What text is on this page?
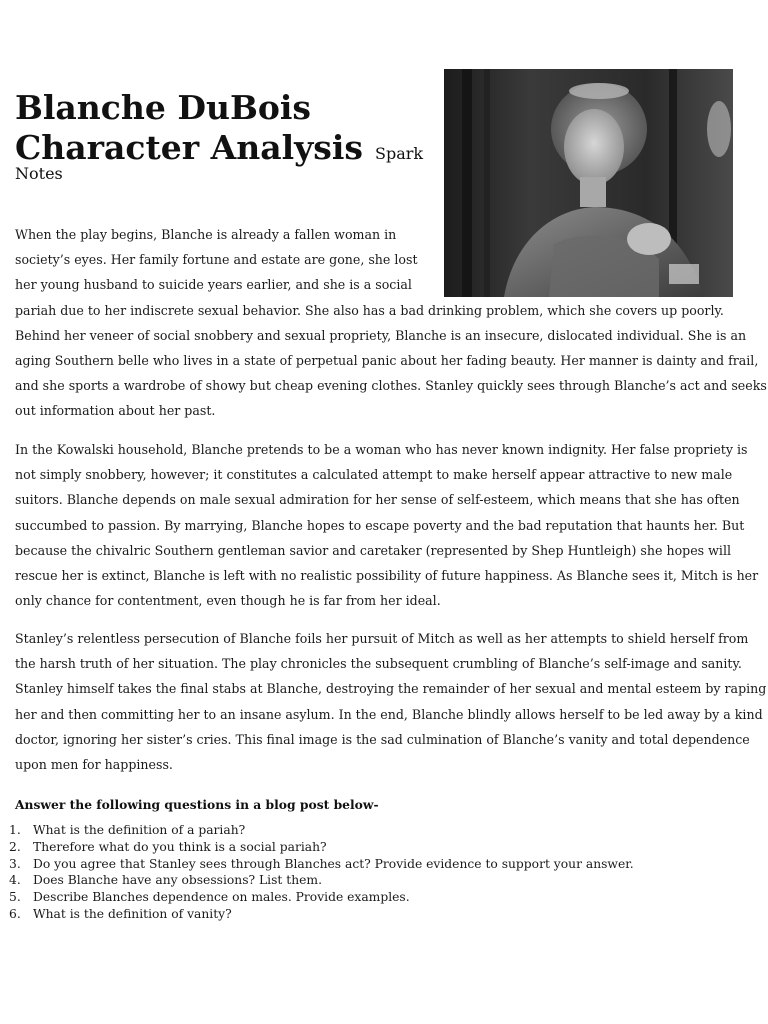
Blanche DuBois
Character Analysis Spark
Notes

When the play begins, Blanche is already a fallen woman in society’s eyes. Her family fortune and estate are gone, she lost her young husband to suicide years earlier, and she is a social pariah due to her indiscrete sexual behavior. She also has a bad drinking problem, which she covers up poorly. Behind her veneer of social snobbery and sexual propriety, Blanche is an insecure, dislocated individual. She is an aging Southern belle who lives in a state of perpetual panic about her fading beauty. Her manner is dainty and frail, and she sports a wardrobe of showy but cheap evening clothes. Stanley quickly sees through Blanche’s act and seeks out information about her past.

In the Kowalski household, Blanche pretends to be a woman who has never known indignity. Her false propriety is not simply snobbery, however; it constitutes a calculated attempt to make herself appear attractive to new male suitors. Blanche depends on male sexual admiration for her sense of self-esteem, which means that she has often succumbed to passion. By marrying, Blanche hopes to escape poverty and the bad reputation that haunts her. But because the chivalric Southern gentleman savior and caretaker (represented by Shep Huntleigh) she hopes will rescue her is extinct, Blanche is left with no realistic possibility of future happiness. As Blanche sees it, Mitch is her only chance for contentment, even though he is far from her ideal.

Stanley’s relentless persecution of Blanche foils her pursuit of Mitch as well as her attempts to shield herself from the harsh truth of her situation. The play chronicles the subsequent crumbling of Blanche’s self-image and sanity. Stanley himself takes the final stabs at Blanche, destroying the remainder of her sexual and mental esteem by raping her and then committing her to an insane asylum. In the end, Blanche blindly allows herself to be led away by a kind doctor, ignoring her sister’s cries. This final image is the sad culmination of Blanche’s vanity and total dependence upon men for happiness.

Answer the following questions in a blog post below-

1. What is the definition of a pariah?
2. Therefore what do you think is a social pariah?
3. Do you agree that Stanley sees through Blanches act? Provide evidence to support your answer.
4. Does Blanche have any obsessions? List them.
5. Describe Blanches dependence on males. Provide examples.
6. What is the definition of vanity?
